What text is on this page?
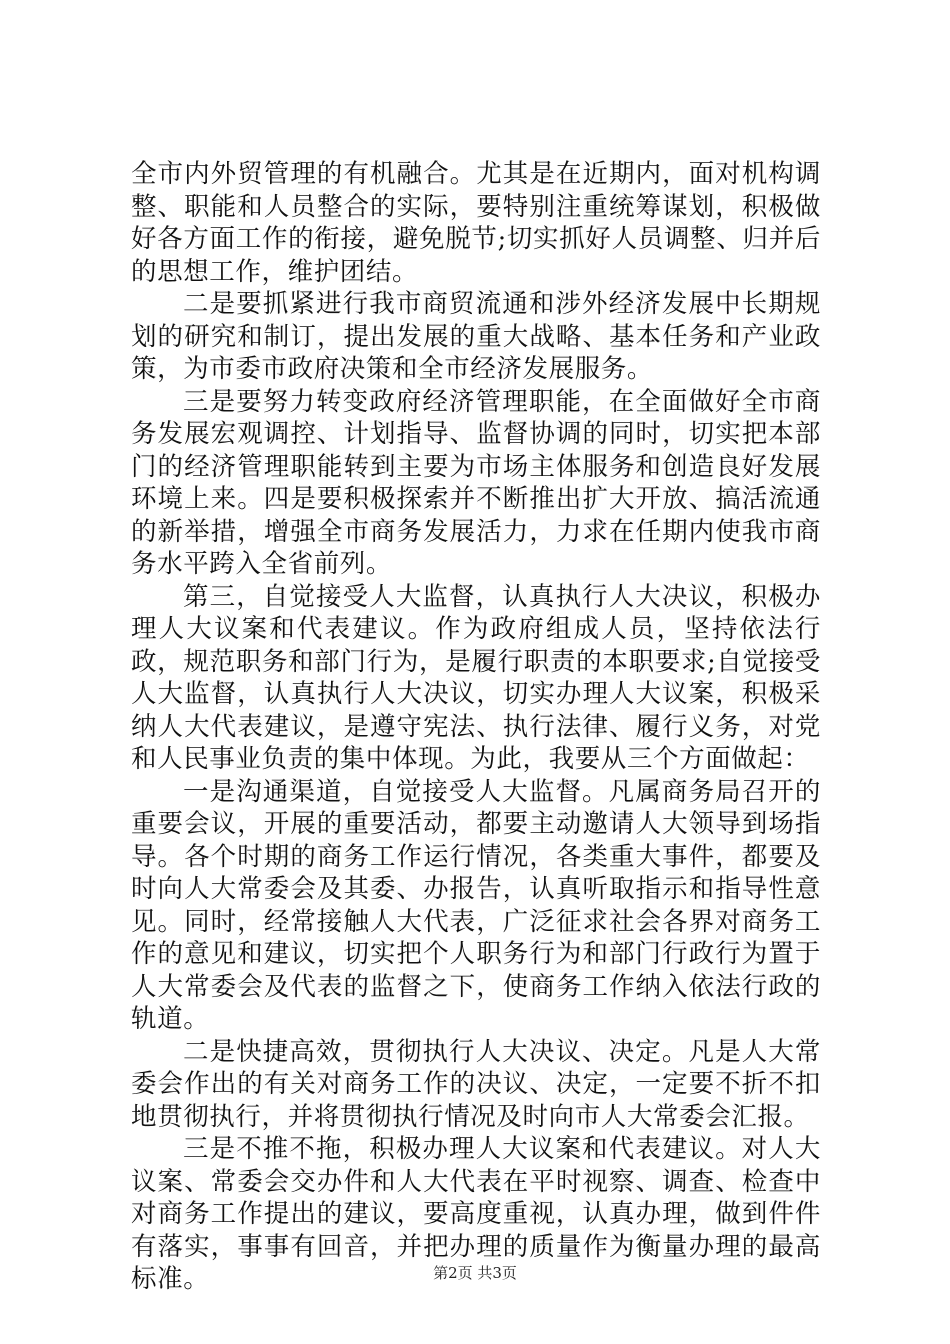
全市内外贸管理的有机融合。尤其是在近期内，面对机构调整、职能和人员整合的实际，要特别注重统筹谋划，积极做好各方面工作的衔接，避免脱节;切实抓好人员调整、归并后的思想工作，维护团结。

二是要抓紧进行我市商贸流通和涉外经济发展中长期规划的研究和制订，提出发展的重大战略、基本任务和产业政策，为市委市政府决策和全市经济发展服务。

三是要努力转变政府经济管理职能，在全面做好全市商务发展宏观调控、计划指导、监督协调的同时，切实把本部门的经济管理职能转到主要为市场主体服务和创造良好发展环境上来。四是要积极探索并不断推出扩大开放、搞活流通的新举措，增强全市商务发展活力，力求在任期内使我市商务水平跨入全省前列。

第三，自觉接受人大监督，认真执行人大决议，积极办理人大议案和代表建议。作为政府组成人员，坚持依法行政，规范职务和部门行为，是履行职责的本职要求;自觉接受人大监督，认真执行人大决议，切实办理人大议案，积极采纳人大代表建议，是遵守宪法、执行法律、履行义务，对党和人民事业负责的集中体现。为此，我要从三个方面做起：

一是沟通渠道，自觉接受人大监督。凡属商务局召开的重要会议，开展的重要活动，都要主动邀请人大领导到场指导。各个时期的商务工作运行情况，各类重大事件，都要及时向人大常委会及其委、办报告，认真听取指示和指导性意见。同时，经常接触人大代表，广泛征求社会各界对商务工作的意见和建议，切实把个人职务行为和部门行政行为置于人大常委会及代表的监督之下，使商务工作纳入依法行政的轨道。

二是快捷高效，贯彻执行人大决议、决定。凡是人大常委会作出的有关对商务工作的决议、决定，一定要不折不扣地贯彻执行，并将贯彻执行情况及时向市人大常委会汇报。

三是不推不拖，积极办理人大议案和代表建议。对人大议案、常委会交办件和人大代表在平时视察、调查、检查中对商务工作提出的建议，要高度重视，认真办理，做到件件有落实，事事有回音，并把办理的质量作为衡量办理的最高标准。	第2页 共3页
